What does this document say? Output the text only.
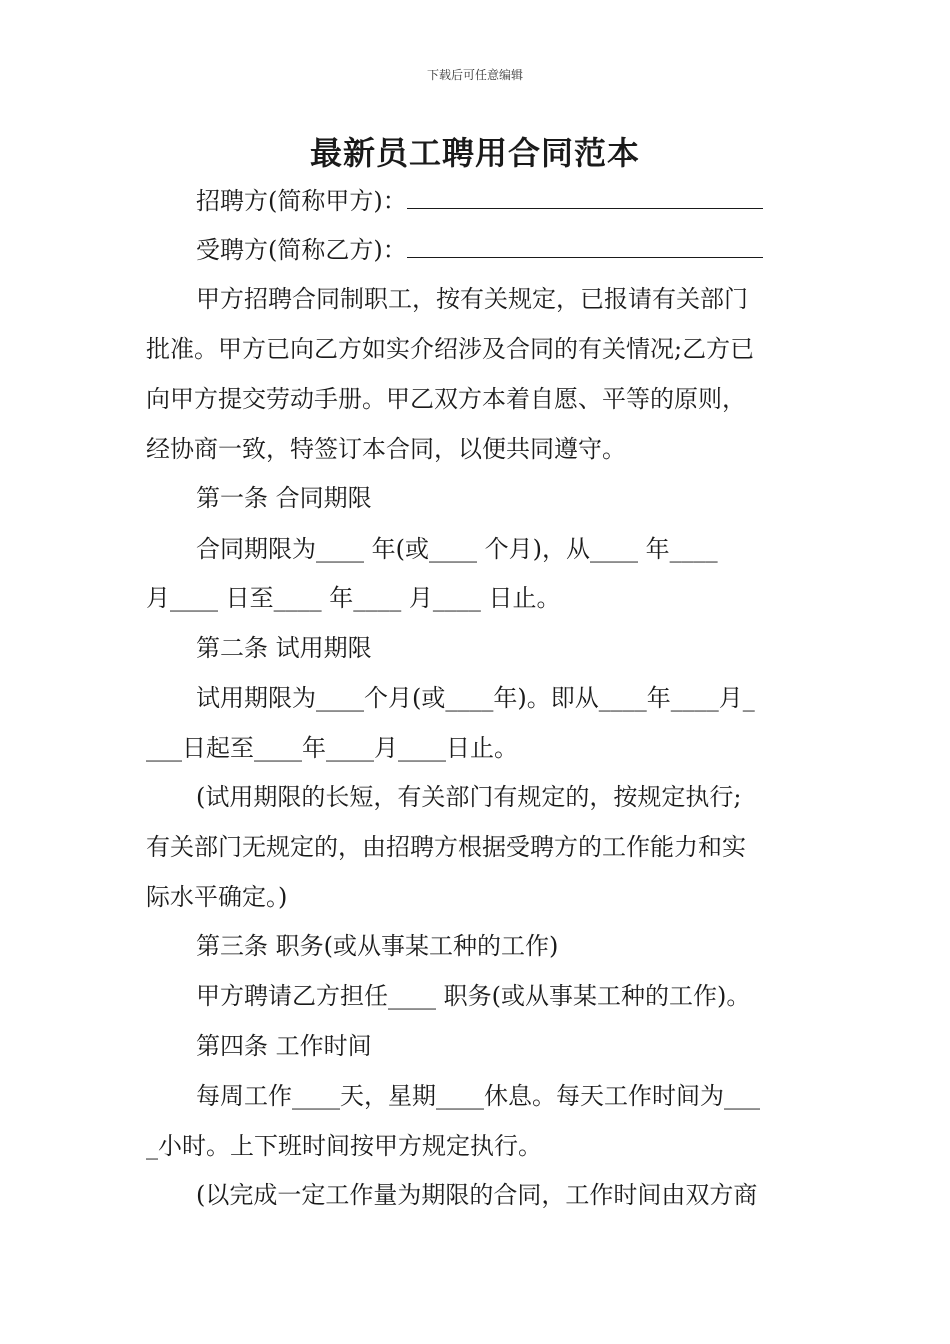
下载后可任意编辑
最新员工聘用合同范本
招聘方(简称甲方)：
受聘方(简称乙方)：
甲方招聘合同制职工，按有关规定，已报请有关部门
批准。甲方已向乙方如实介绍涉及合同的有关情况;乙方已
向甲方提交劳动手册。甲乙双方本着自愿、平等的原则，
经协商一致，特签订本合同，以便共同遵守。
第一条 合同期限
合同期限为____ 年(或____ 个月)，从____ 年____
月____ 日至____ 年____ 月____ 日止。
第二条 试用期限
试用期限为____个月(或____年)。即从____年____月_
___日起至____年____月____日止。
(试用期限的长短，有关部门有规定的，按规定执行;
有关部门无规定的，由招聘方根据受聘方的工作能力和实
际水平确定。)
第三条 职务(或从事某工种的工作)
甲方聘请乙方担任____ 职务(或从事某工种的工作)。
第四条 工作时间
每周工作____天，星期____休息。每天工作时间为___
_小时。上下班时间按甲方规定执行。
(以完成一定工作量为期限的合同，工作时间由双方商
